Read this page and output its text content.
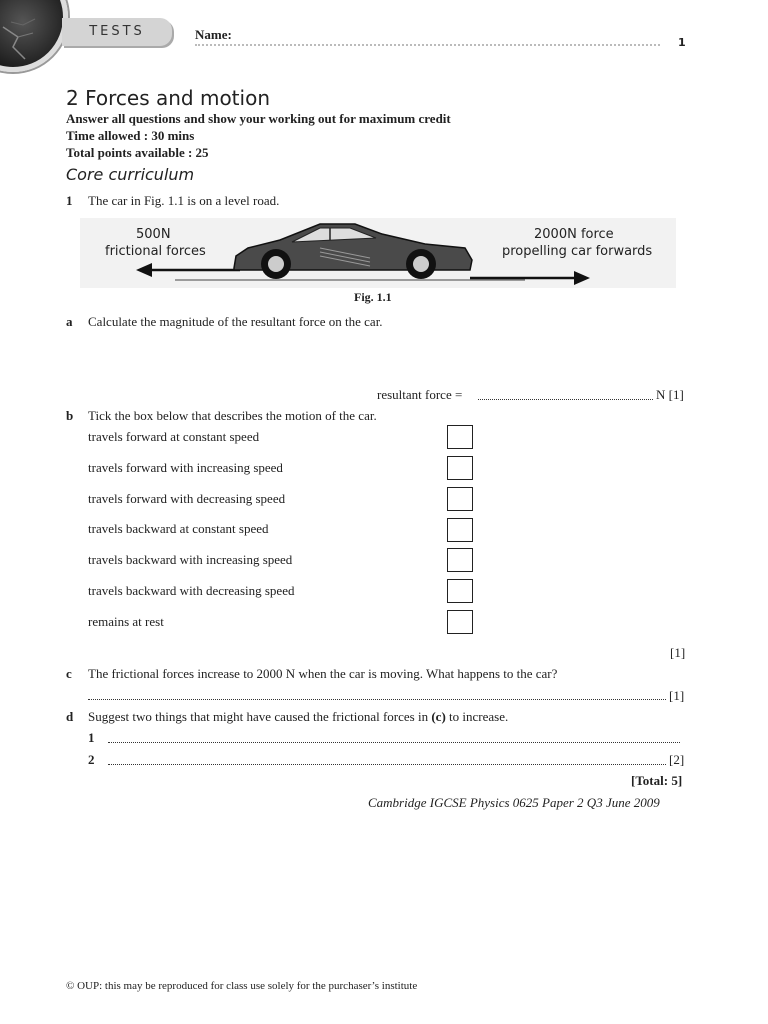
TESTS	Name:
1
2 Forces and motion
Answer all questions and show your working out for maximum credit
Time allowed : 30 mins
Total points available : 25
Core curriculum
1 The car in Fig. 1.1 is on a level road.
500N
frictional forces
2000N force
propelling car forwards
Fig. 1.1
a Calculate the magnitude of the resultant force on the car.
resultant force =	N [1]
b Tick the box below that describes the motion of the car.
travels forward at constant speed
travels forward with increasing speed
travels forward with decreasing speed
travels backward at constant speed
travels backward with increasing speed
travels backward with decreasing speed
remains at rest
[1]
c The frictional forces increase to 2000 N when the car is moving. What happens to the car?
[1]
d Suggest two things that might have caused the frictional forces in (c) to increase.
1
2	[2]
[Total: 5]
Cambridge IGCSE Physics 0625 Paper 2 Q3 June 2009
© OUP: this may be reproduced for class use solely for the purchaser’s institute
